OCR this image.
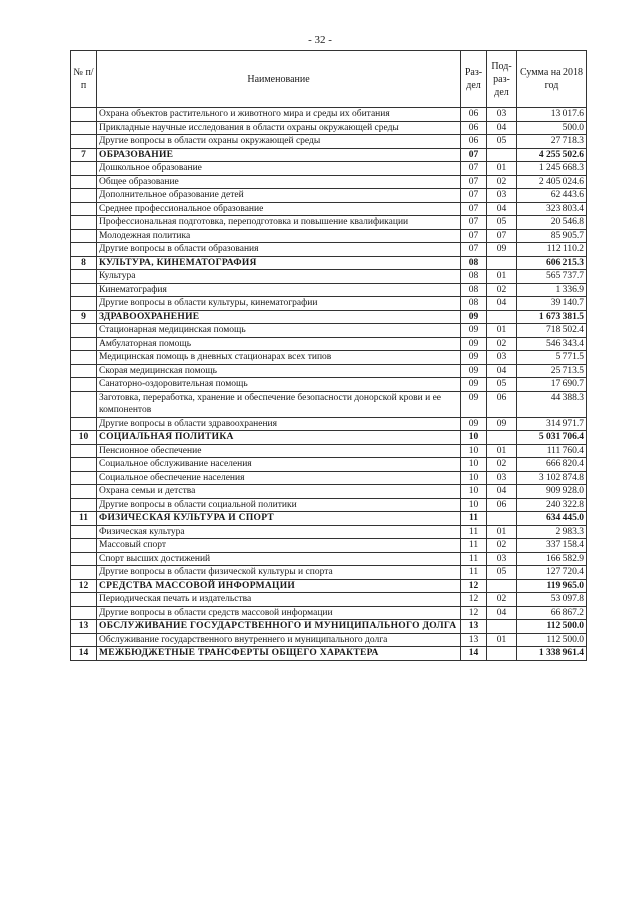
- 32 -
№ п/п	Наименование	Раз-дел	Под-раз-дел	Сумма на 2018 год
	Охрана объектов растительного и животного мира и среды их обитания	06	03	13 017.6
	Прикладные научные исследования в области охраны окружающей среды	06	04	500.0
	Другие вопросы в области охраны окружающей среды	06	05	27 718.3
7	ОБРАЗОВАНИЕ	07		4 255 502.6
	Дошкольное образование	07	01	1 245 668.3
	Общее образование	07	02	2 405 024.6
	Дополнительное образование детей	07	03	62 443.6
	Среднее профессиональное образование	07	04	323 803.4
	Профессиональная подготовка, переподготовка и повышение квалификации	07	05	20 546.8
	Молодежная политика	07	07	85 905.7
	Другие вопросы в области образования	07	09	112 110.2
8	КУЛЬТУРА, КИНЕМАТОГРАФИЯ	08		606 215.3
	Культура	08	01	565 737.7
	Кинематография	08	02	1 336.9
	Другие вопросы в области культуры, кинематографии	08	04	39 140.7
9	ЗДРАВООХРАНЕНИЕ	09		1 673 381.5
	Стационарная медицинская помощь	09	01	718 502.4
	Амбулаторная помощь	09	02	546 343.4
	Медицинская помощь в дневных стационарах всех типов	09	03	5 771.5
	Скорая медицинская помощь	09	04	25 713.5
	Санаторно-оздоровительная помощь	09	05	17 690.7
	Заготовка, переработка, хранение и обеспечение безопасности донорской крови и ее компонентов	09	06	44 388.3
	Другие вопросы в области здравоохранения	09	09	314 971.7
10	СОЦИАЛЬНАЯ ПОЛИТИКА	10		5 031 706.4
	Пенсионное обеспечение	10	01	111 760.4
	Социальное обслуживание населения	10	02	666 820.4
	Социальное обеспечение населения	10	03	3 102 874.8
	Охрана семьи и детства	10	04	909 928.0
	Другие вопросы в области социальной политики	10	06	240 322.8
11	ФИЗИЧЕСКАЯ КУЛЬТУРА И СПОРТ	11		634 445.0
	Физическая культура	11	01	2 983.3
	Массовый спорт	11	02	337 158.4
	Спорт высших достижений	11	03	166 582.9
	Другие вопросы в области физической культуры и спорта	11	05	127 720.4
12	СРЕДСТВА МАССОВОЙ ИНФОРМАЦИИ	12		119 965.0
	Периодическая печать и издательства	12	02	53 097.8
	Другие вопросы в области средств массовой информации	12	04	66 867.2
13	ОБСЛУЖИВАНИЕ ГОСУДАРСТВЕННОГО И МУНИЦИПАЛЬНОГО ДОЛГА	13		112 500.0
	Обслуживание государственного внутреннего и муниципального долга	13	01	112 500.0
14	МЕЖБЮДЖЕТНЫЕ ТРАНСФЕРТЫ ОБЩЕГО ХАРАКТЕРА	14		1 338 961.4
